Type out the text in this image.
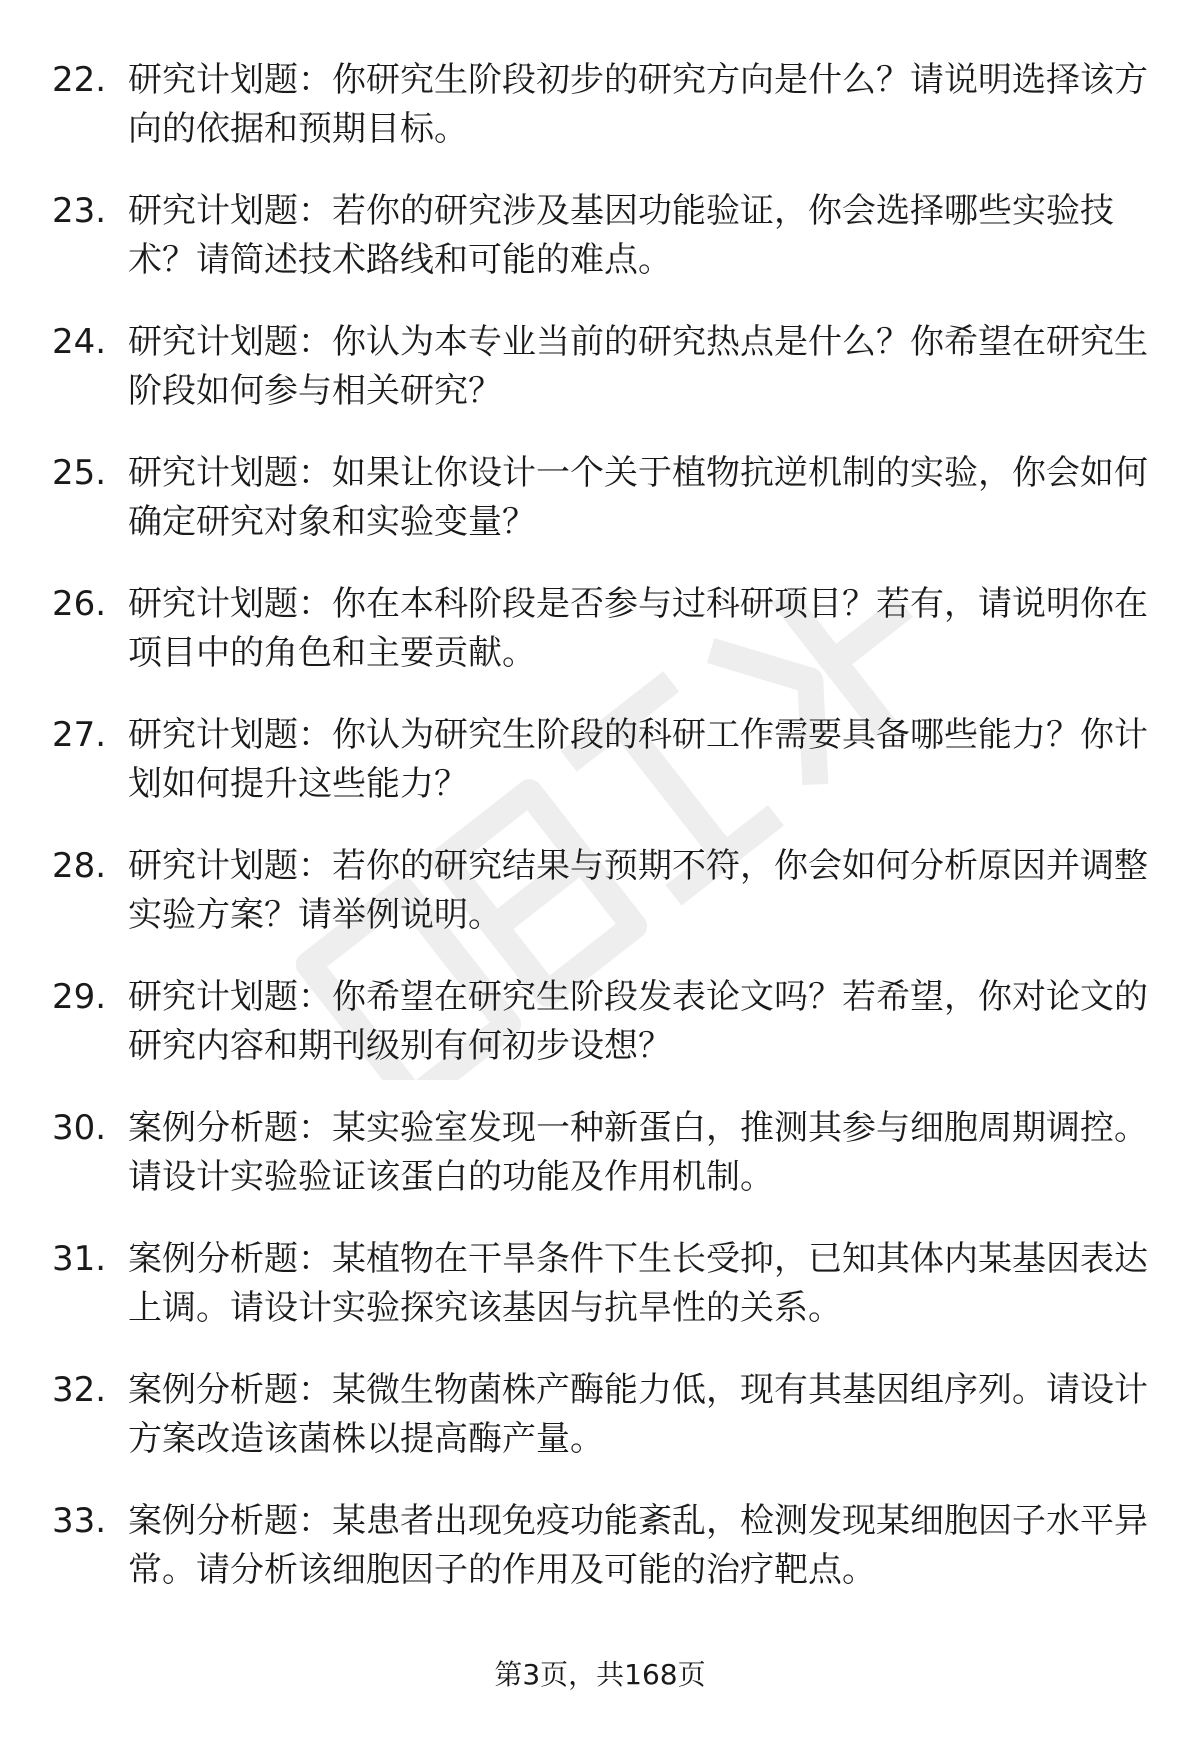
22. 研究计划题：你研究生阶段初步的研究方向是什么？请说明选择该方向的依据和预期目标。
23. 研究计划题：若你的研究涉及基因功能验证，你会选择哪些实验技术？请简述技术路线和可能的难点。
24. 研究计划题：你认为本专业当前的研究热点是什么？你希望在研究生阶段如何参与相关研究？
25. 研究计划题：如果让你设计一个关于植物抗逆机制的实验，你会如何确定研究对象和实验变量？
26. 研究计划题：你在本科阶段是否参与过科研项目？若有，请说明你在项目中的角色和主要贡献。
27. 研究计划题：你认为研究生阶段的科研工作需要具备哪些能力？你计划如何提升这些能力？
28. 研究计划题：若你的研究结果与预期不符，你会如何分析原因并调整实验方案？请举例说明。
29. 研究计划题：你希望在研究生阶段发表论文吗？若希望，你对论文的研究内容和期刊级别有何初步设想？
30. 案例分析题：某实验室发现一种新蛋白，推测其参与细胞周期调控。请设计实验验证该蛋白的功能及作用机制。
31. 案例分析题：某植物在干旱条件下生长受抑，已知其体内某基因表达上调。请设计实验探究该基因与抗旱性的关系。
32. 案例分析题：某微生物菌株产酶能力低，现有其基因组序列。请设计方案改造该菌株以提高酶产量。
33. 案例分析题：某患者出现免疫功能紊乱，检测发现某细胞因子水平异常。请分析该细胞因子的作用及可能的治疗靶点。
第3页，共168页
